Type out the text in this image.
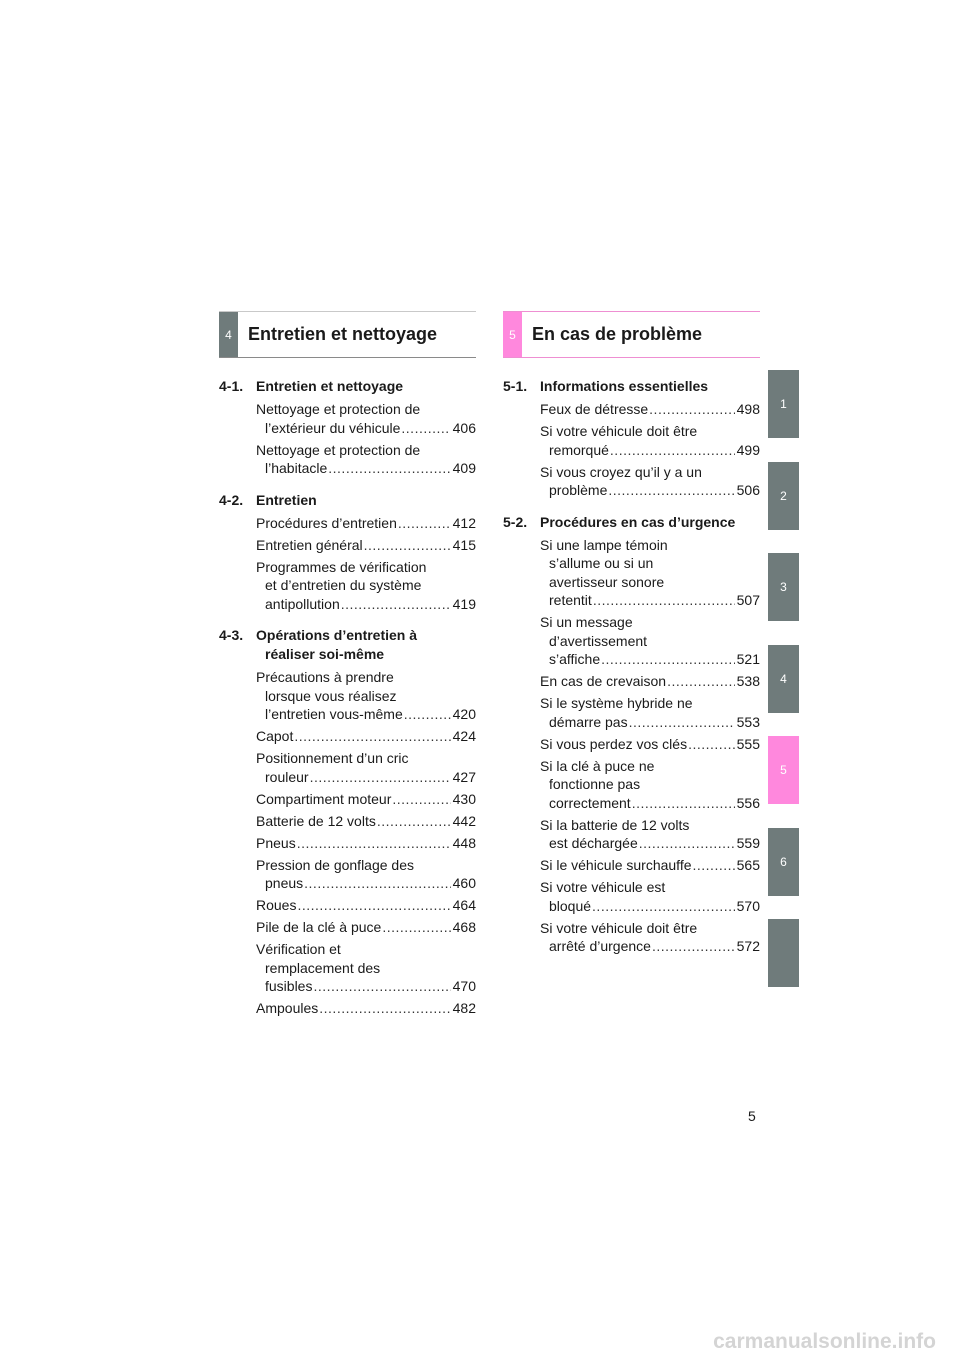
4 Entretien et nettoyage
4-1. Entretien et nettoyage
Nettoyage et protection de
l’extérieur du véhicule .....	406
Nettoyage et protection de
l’habitacle .....	409
4-2. Entretien
Procédures d’entretien .....	412
Entretien général .....	415
Programmes de vérification
et d’entretien du système
antipollution .....	419
4-3. Opérations d’entretien à
réaliser soi-même
Précautions à prendre
lorsque vous réalisez
l’entretien vous-même .....	420
Capot .....	424
Positionnement d’un cric
rouleur .....	427
Compartiment moteur .....	430
Batterie de 12 volts .....	442
Pneus .....	448
Pression de gonflage des
pneus .....	460
Roues .....	464
Pile de la clé à puce .....	468
Vérification et
remplacement des
fusibles .....	470
Ampoules .....	482
5 En cas de problème
5-1. Informations essentielles
Feux de détresse .....	498
Si votre véhicule doit être
remorqué .....	499
Si vous croyez qu’il y a un
problème .....	506
5-2. Procédures en cas d’urgence
Si une lampe témoin
s’allume ou si un
avertisseur sonore
retentit .....	507
Si un message
d’avertissement
s’affiche .....	521
En cas de crevaison .....	538
Si le système hybride ne
démarre pas .....	553
Si vous perdez vos clés .....	555
Si la clé à puce ne
fonctionne pas
correctement .....	556
Si la batterie de 12 volts
est déchargée .....	559
Si le véhicule surchauffe .....	565
Si votre véhicule est
bloqué .....	570
Si votre véhicule doit être
arrêté d’urgence .....	572
1
2
3
4
5
6
5
carmanualsonline.info
